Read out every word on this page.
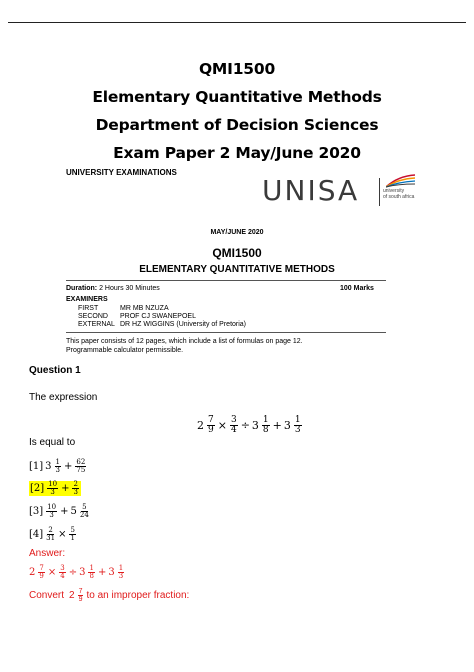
QMI1500
Elementary Quantitative Methods
Department of Decision Sciences
Exam Paper 2 May/June 2020
UNIVERSITY EXAMINATIONS
UNISA	university
of south africa
MAY/JUNE 2020
QMI1500
ELEMENTARY QUANTITATIVE METHODS
Duration: 2 Hours 30 Minutes	100 Marks
EXAMINERS
FIRST	MR MB NZUZA
SECOND PROF CJ SWANEPOEL
EXTERNAL DR HZ WIGGINS (University of Pretoria)
This paper consists of 12 pages, which include a list of formulas on page 12.
Programmable calculator permissible.
Question 1
The expression
$2 \frac{7}{9} \times \frac{3}{4} \div 3 \frac{1}{8} + 3 \frac{1}{3}$
Is equal to
[1] $3 \frac{1}{3} + \frac{62}{75}$
$[2] \frac{10}{3} + \frac{2}{3}$
$[3] \frac{10}{3} + 5 \frac{5}{24}$
$[4] \frac{2}{31} \times \frac{5}{1}$
Answer:
$2 \frac{7}{9} \times \frac{3}{4} \div 3 \frac{1}{8} + 3 \frac{1}{3}$
Convert $2 \frac{7}{9}$ to an improper fraction:
